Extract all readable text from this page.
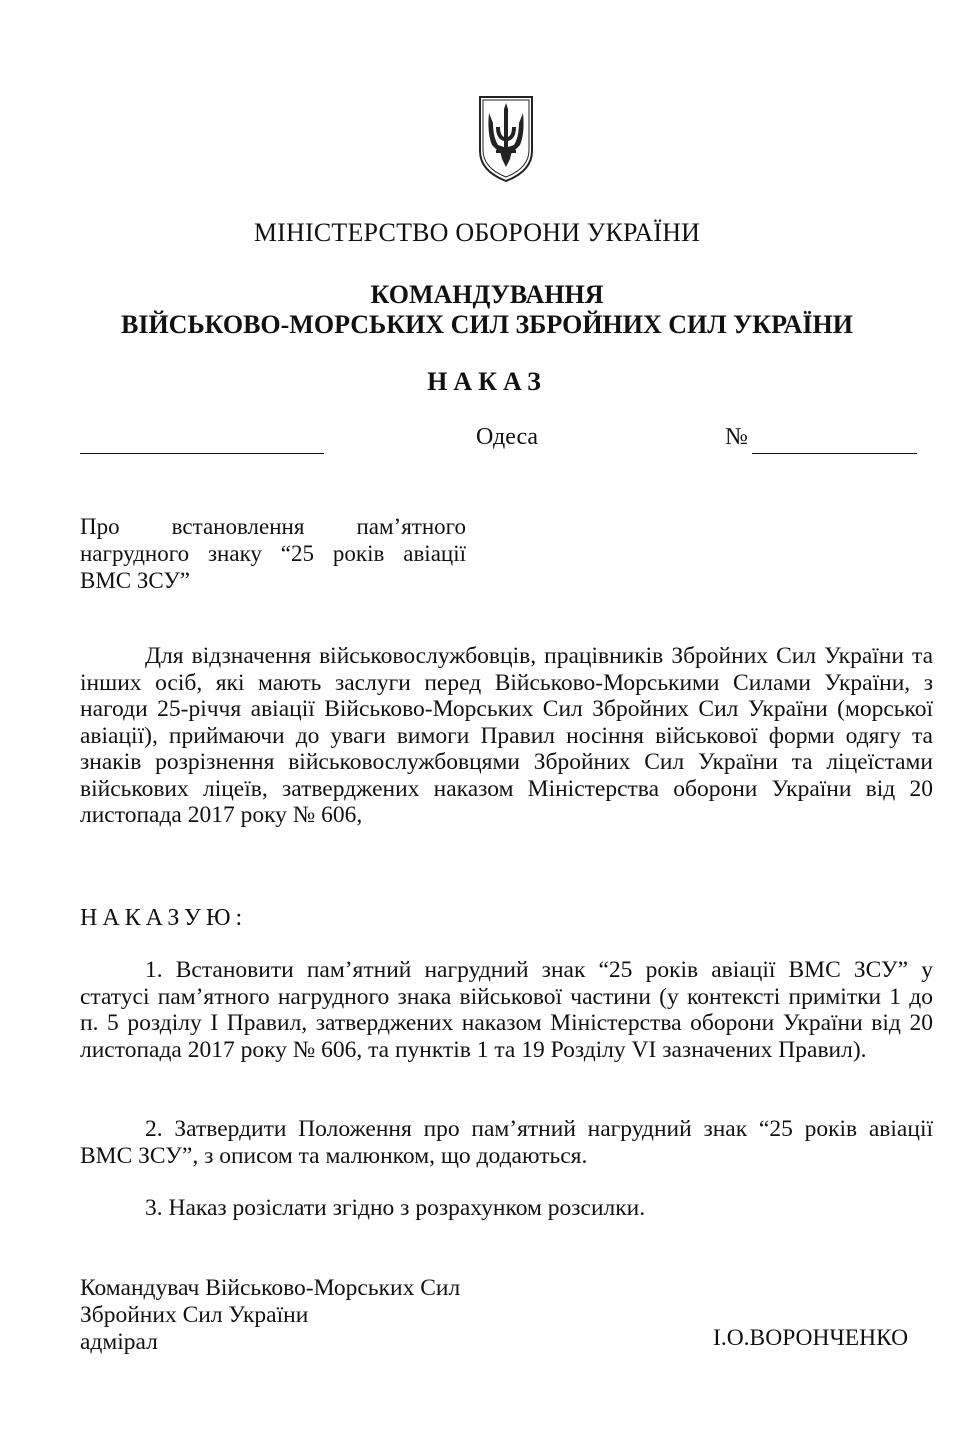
МІНІСТЕРСТВО ОБОРОНИ УКРАЇНИ
КОМАНДУВАННЯ
ВІЙСЬКОВО-МОРСЬКИХ СИЛ ЗБРОЙНИХ СИЛ УКРАЇНИ
НАКАЗ
Одеса	№
Про встановлення пам’ятного нагрудного знаку “25 років авіації ВМС ЗСУ”

Для відзначення військовослужбовців, працівників Збройних Сил України та інших осіб, які мають заслуги перед Військово-Морськими Силами України, з нагоди 25-річчя авіації Військово-Морських Сил Збройних Сил України (морської авіації), приймаючи до уваги вимоги Правил носіння військової форми одягу та знаків розрізнення військовослужбовцями Збройних Сил України та ліцеїстами військових ліцеїв, затверджених наказом Міністерства оборони України від 20 листопада 2017 року № 606,

НАКАЗУЮ:

1. Встановити пам’ятний нагрудний знак “25 років авіації ВМС ЗСУ” у статусі пам’ятного нагрудного знака військової частини (у контексті примітки 1 до п. 5 розділу I Правил, затверджених наказом Міністерства оборони України від 20 листопада 2017 року № 606, та пунктів 1 та 19 Розділу VI зазначених Правил).

2. Затвердити Положення про пам’ятний нагрудний знак “25 років авіації ВМС ЗСУ”, з описом та малюнком, що додаються.

3. Наказ розіслати згідно з розрахунком розсилки.

Командувач Військово-Морських Сил
Збройних Сил України
адмірал	І.О.ВОРОНЧЕНКО
